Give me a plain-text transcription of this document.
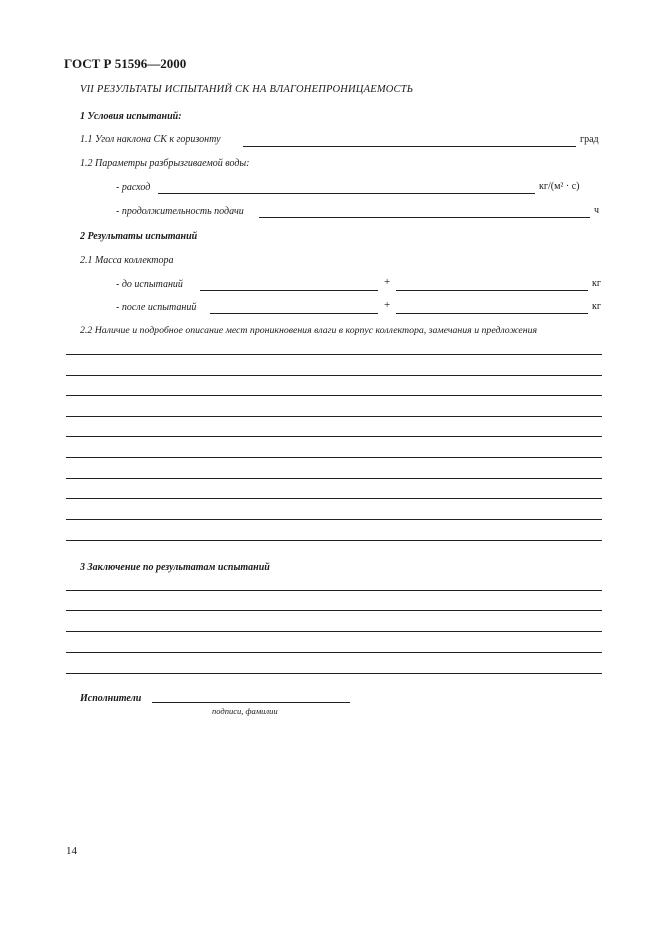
ГОСТ Р 51596—2000
VII РЕЗУЛЬТАТЫ ИСПЫТАНИЙ СК НА ВЛАГОНЕПРОНИЦАЕМОСТЬ
1 Условия испытаний:
1.1 Угол наклона СК к горизонту	град
1.2 Параметры разбрызгиваемой воды:
- расход	кг/(м² · с)
- продолжительность подачи	ч
2 Результаты испытаний
2.1 Масса коллектора
- до испытаний	+	кг
- после испытаний	+	кг
2.2 Наличие и подробное описание мест проникновения влаги в корпус коллектора, замечания и предложения
3 Заключение по результатам испытаний
Исполнители
подписи, фамилии
14
